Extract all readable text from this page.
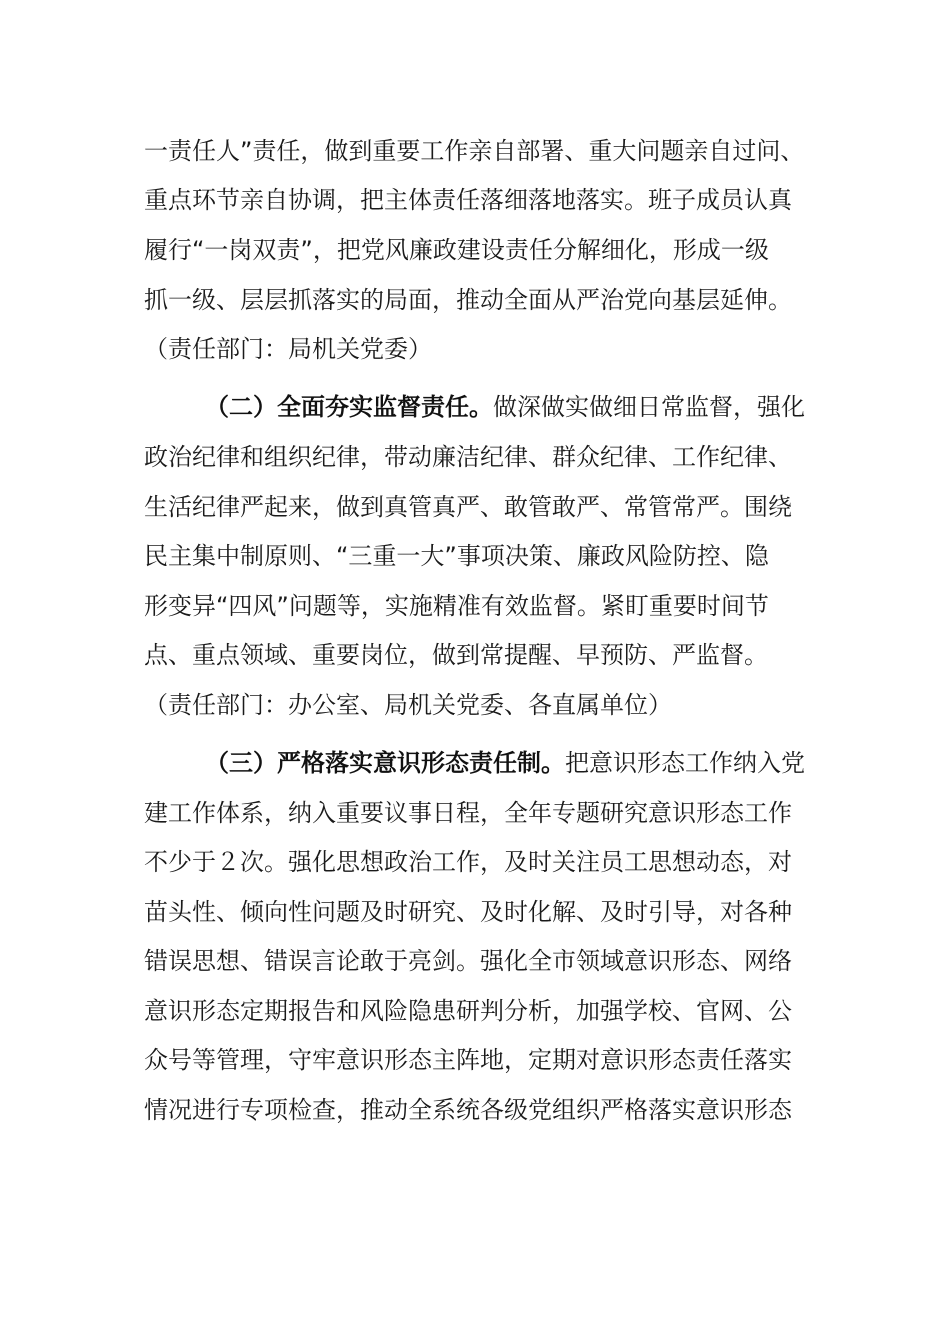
一责任人”责任，做到重要工作亲自部署、重大问题亲自过问、
重点环节亲自协调，把主体责任落细落地落实。班子成员认真
履行“一岗双责”，把党风廉政建设责任分解细化，形成一级
抓一级、层层抓落实的局面，推动全面从严治党向基层延伸。
（责任部门：局机关党委）
（二）全面夯实监督责任。做深做实做细日常监督，强化
政治纪律和组织纪律，带动廉洁纪律、群众纪律、工作纪律、
生活纪律严起来，做到真管真严、敢管敢严、常管常严。围绕
民主集中制原则、“三重一大”事项决策、廉政风险防控、隐
形变异“四风”问题等，实施精准有效监督。紧盯重要时间节
点、重点领域、重要岗位，做到常提醒、早预防、严监督。
（责任部门：办公室、局机关党委、各直属单位）
（三）严格落实意识形态责任制。把意识形态工作纳入党
建工作体系，纳入重要议事日程，全年专题研究意识形态工作
不少于２次。强化思想政治工作，及时关注员工思想动态，对
苗头性、倾向性问题及时研究、及时化解、及时引导，对各种
错误思想、错误言论敢于亮剑。强化全市领域意识形态、网络
意识形态定期报告和风险隐患研判分析，加强学校、官网、公
众号等管理，守牢意识形态主阵地，定期对意识形态责任落实
情况进行专项检查，推动全系统各级党组织严格落实意识形态
